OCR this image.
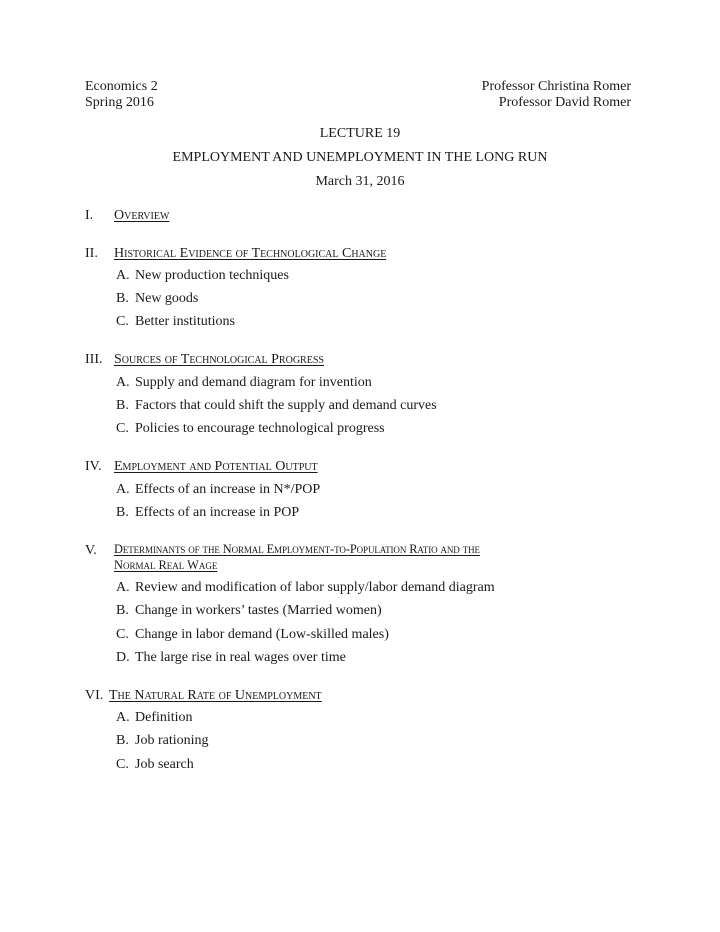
Economics 2	Professor Christina Romer
Spring 2016	Professor David Romer
LECTURE 19
EMPLOYMENT AND UNEMPLOYMENT IN THE LONG RUN
March 31, 2016
I.	Overview
II.	Historical Evidence of Technological Change
A. New production techniques
B. New goods
C. Better institutions
III. Sources of Technological Progress
A. Supply and demand diagram for invention
B. Factors that could shift the supply and demand curves
C. Policies to encourage technological progress
IV. Employment and Potential Output
A. Effects of an increase in N*/POP
B. Effects of an increase in POP
V.	Determinants of the Normal Employment-to-Population Ratio and the
Normal Real Wage
A. Review and modification of labor supply/labor demand diagram
B. Change in workers’ tastes (Married women)
C. Change in labor demand (Low-skilled males)
D. The large rise in real wages over time
VI. The Natural Rate of Unemployment
A. Definition
B. Job rationing
C. Job search
